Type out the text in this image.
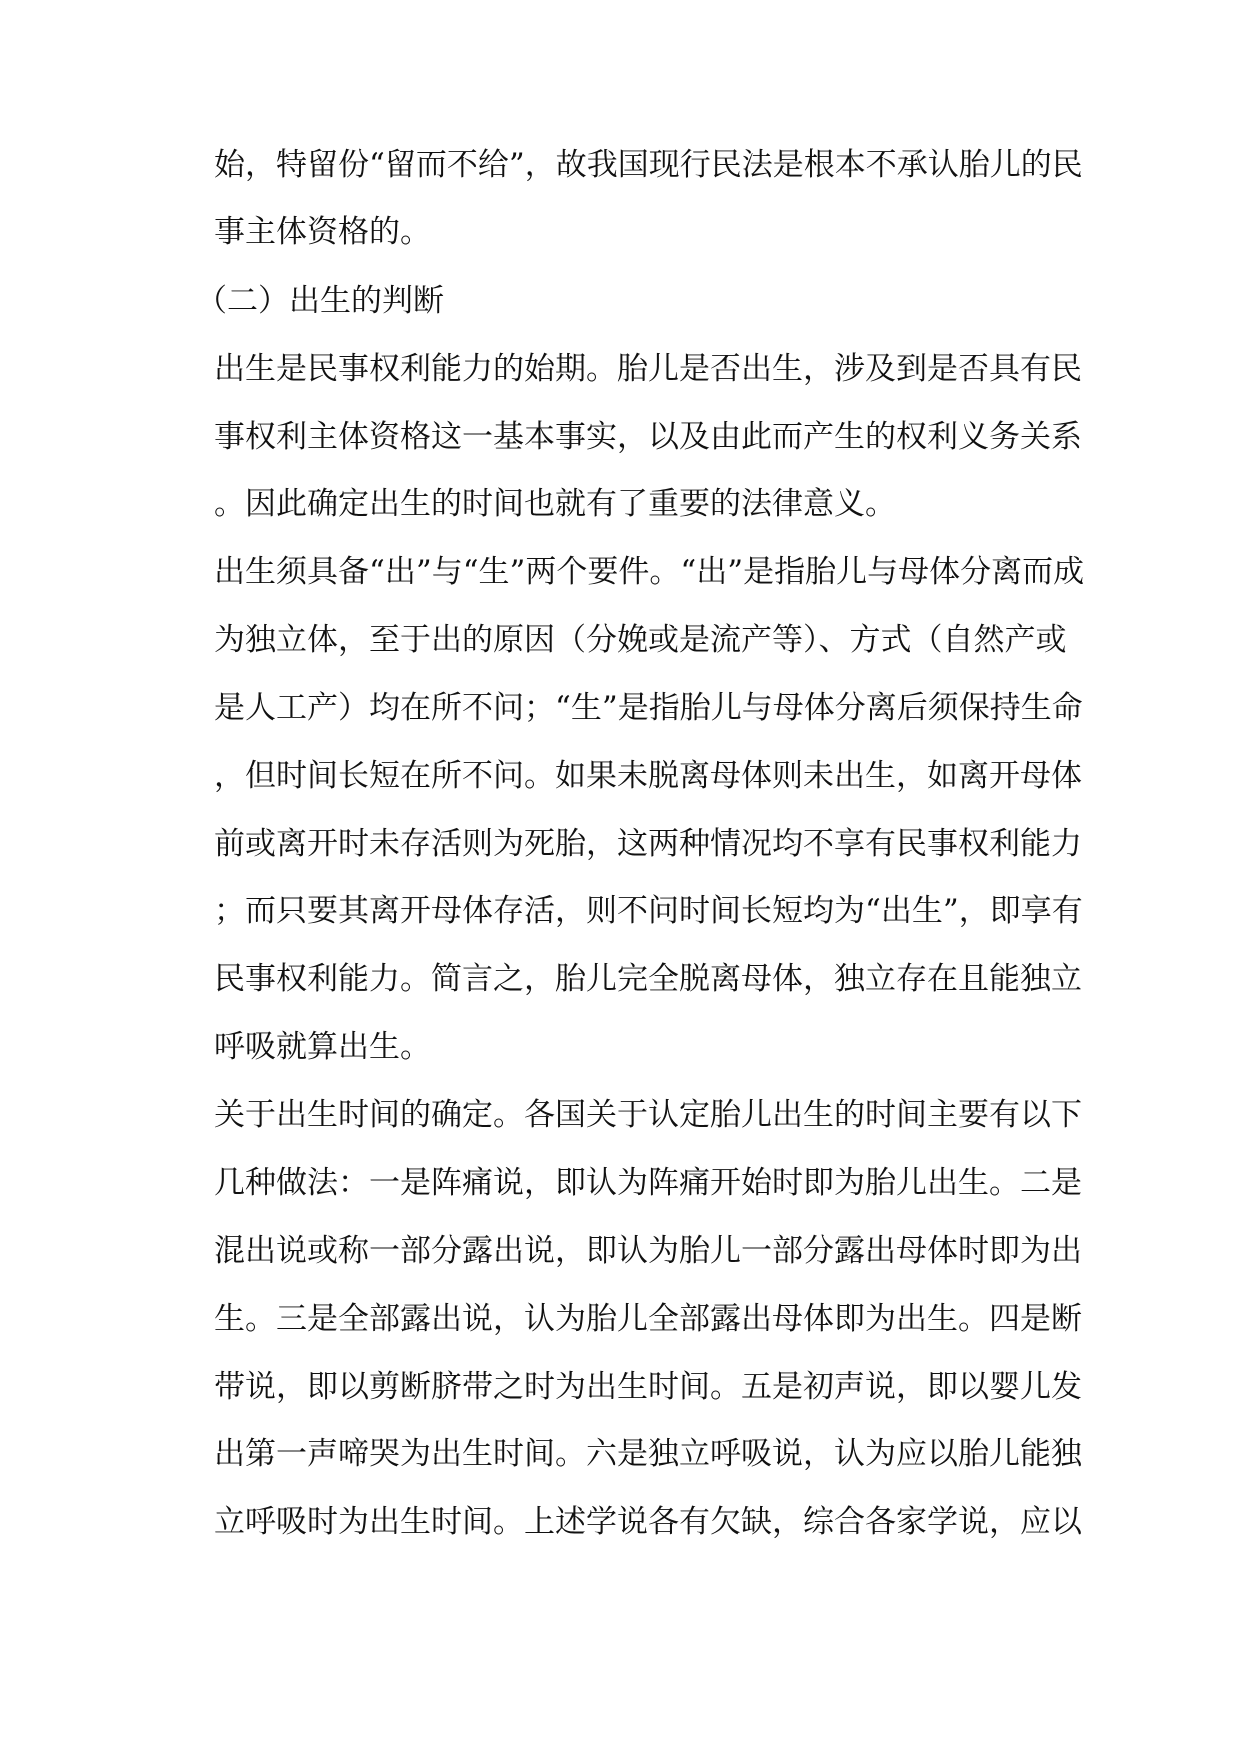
始，特留份“留而不给”，故我国现行民法是根本不承认胎儿的民

事主体资格的。

（二）出生的判断

出生是民事权利能力的始期。胎儿是否出生，涉及到是否具有民

事权利主体资格这一基本事实，以及由此而产生的权利义务关系

。因此确定出生的时间也就有了重要的法律意义。

出生须具备“出”与“生”两个要件。“出”是指胎儿与母体分离而成

为独立体，至于出的原因（分娩或是流产等）、方式（自然产或

是人工产）均在所不问；“生”是指胎儿与母体分离后须保持生命

，但时间长短在所不问。如果未脱离母体则未出生，如离开母体

前或离开时未存活则为死胎，这两种情况均不享有民事权利能力

；而只要其离开母体存活，则不问时间长短均为“出生”，即享有

民事权利能力。简言之，胎儿完全脱离母体，独立存在且能独立

呼吸就算出生。

关于出生时间的确定。各国关于认定胎儿出生的时间主要有以下

几种做法：一是阵痛说，即认为阵痛开始时即为胎儿出生。二是

混出说或称一部分露出说，即认为胎儿一部分露出母体时即为出

生。三是全部露出说，认为胎儿全部露出母体即为出生。四是断

带说，即以剪断脐带之时为出生时间。五是初声说，即以婴儿发

出第一声啼哭为出生时间。六是独立呼吸说，认为应以胎儿能独

立呼吸时为出生时间。上述学说各有欠缺，综合各家学说，应以
